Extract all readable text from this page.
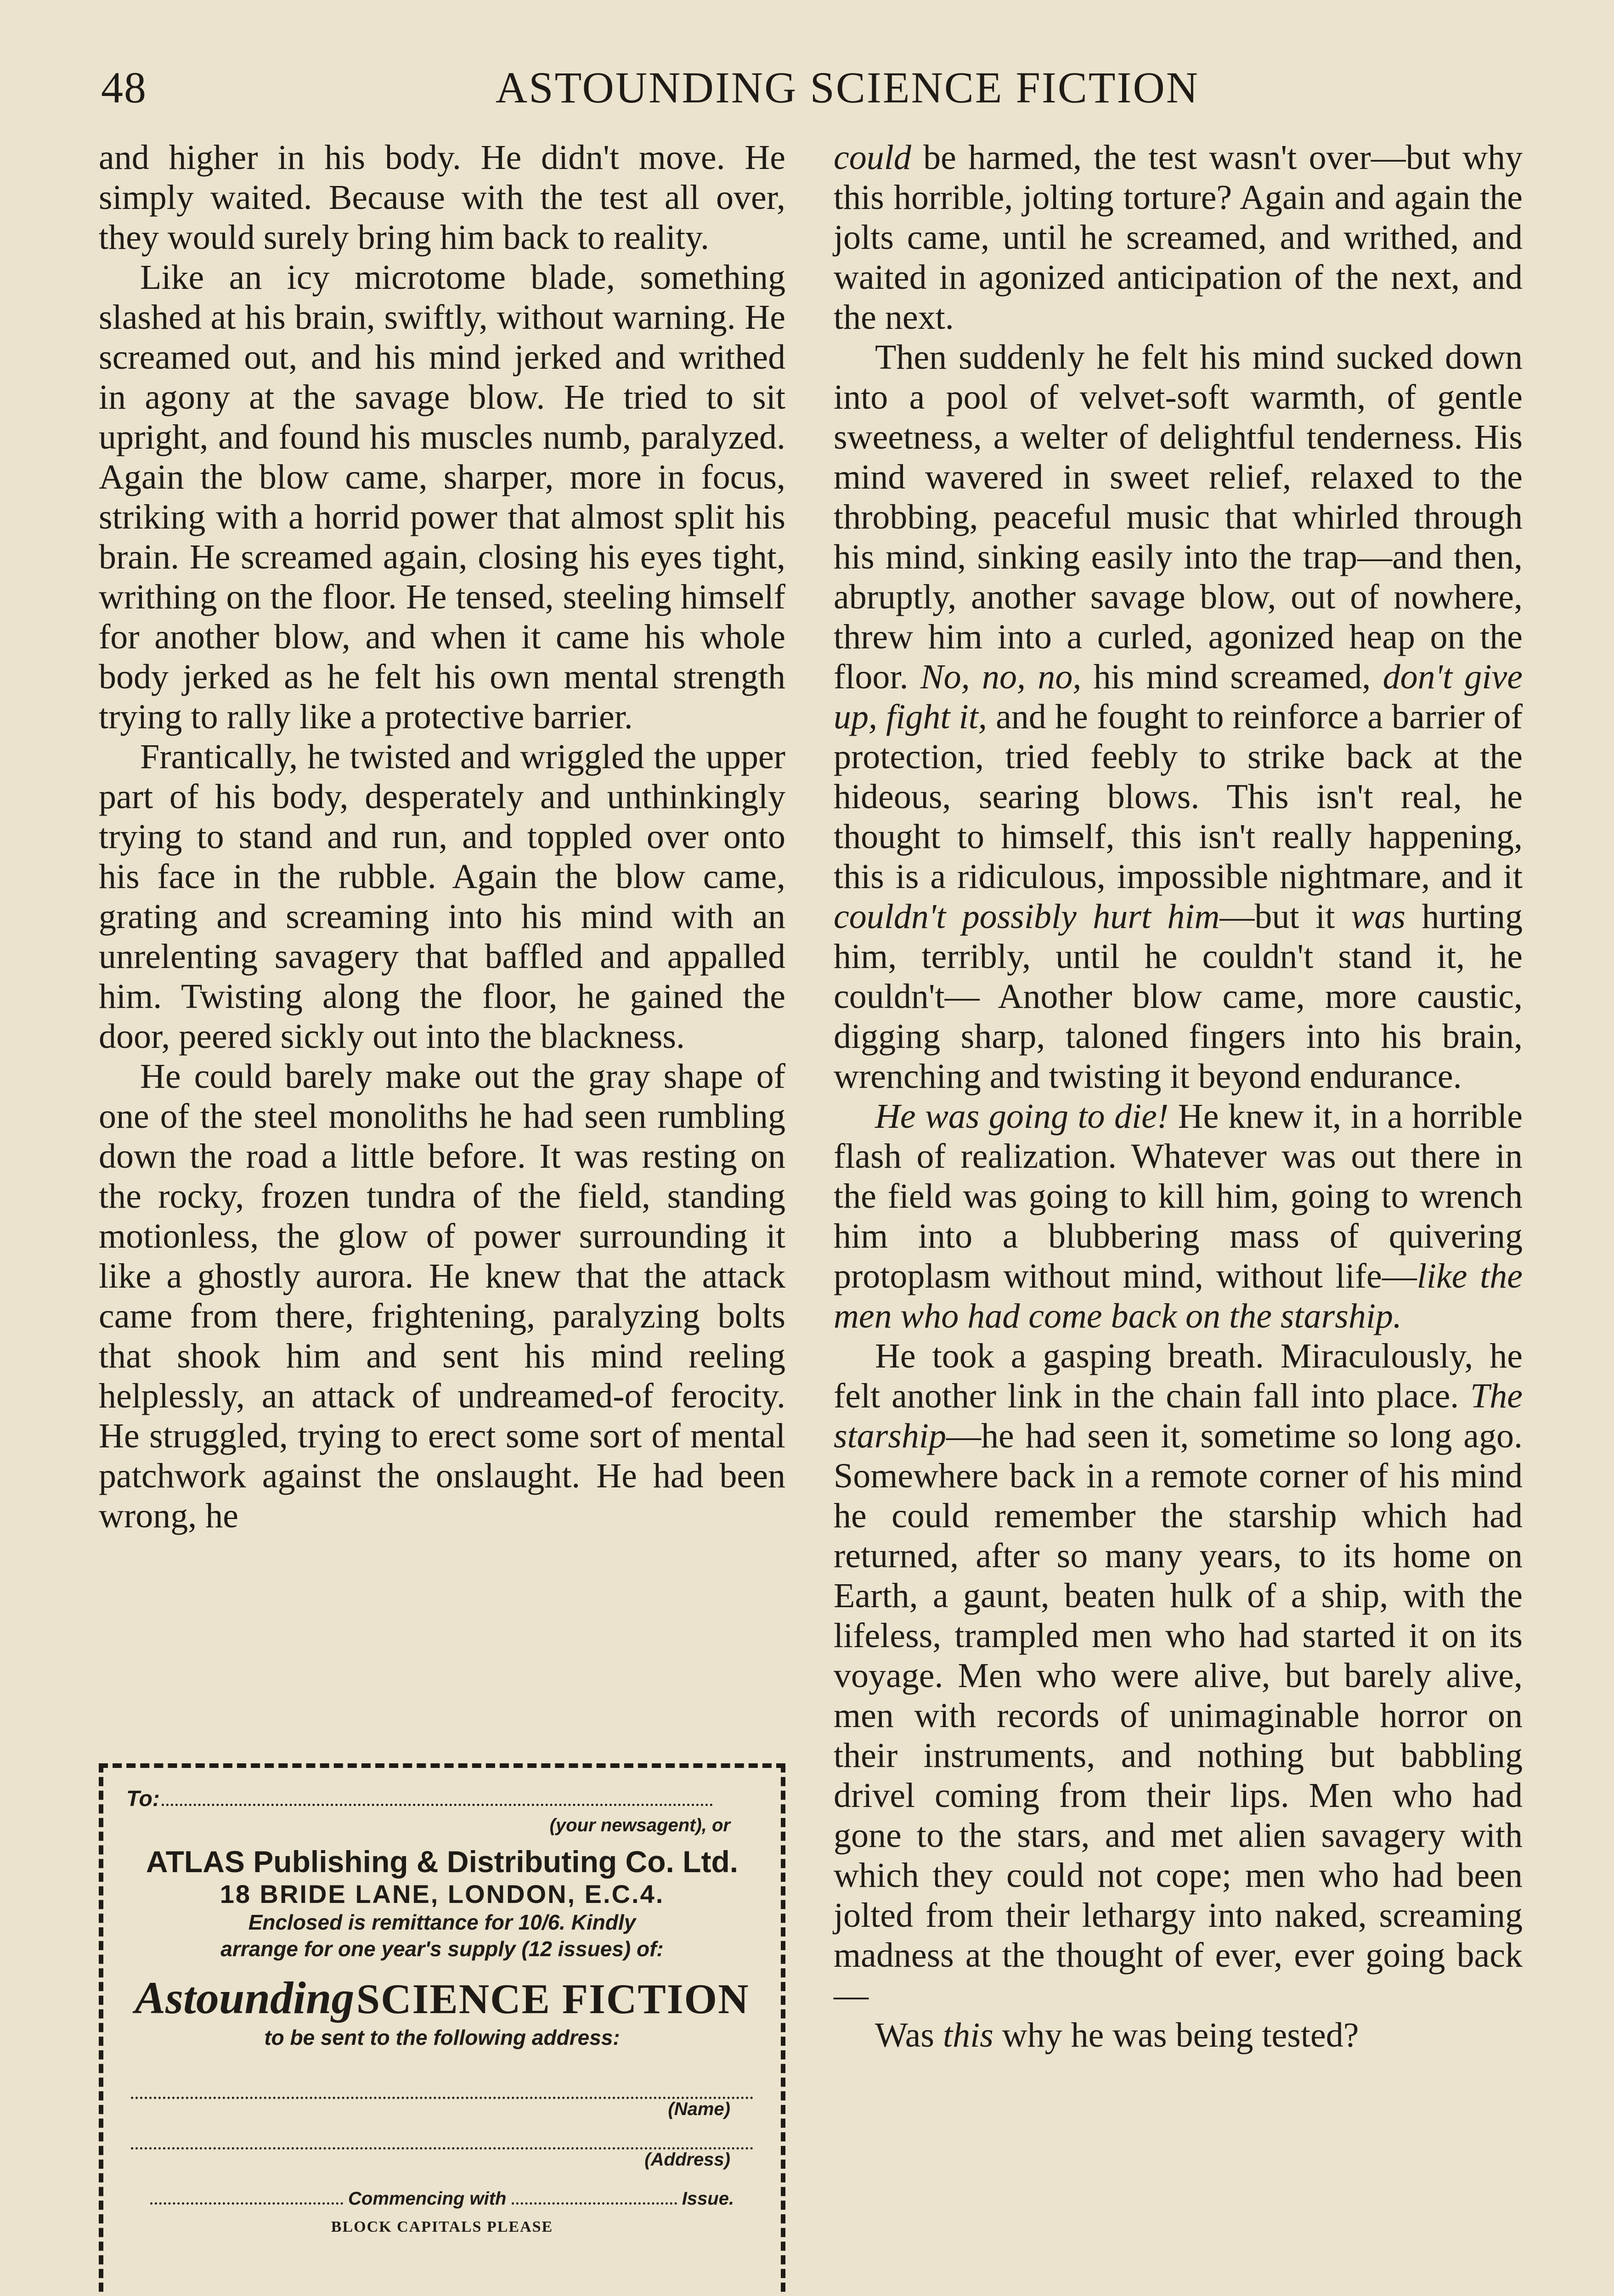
48	ASTOUNDING SCIENCE FICTION

and higher in his body. He didn't move. He simply waited. Because with the test all over, they would surely bring him back to reality.

Like an icy microtome blade, something slashed at his brain, swiftly, without warning. He screamed out, and his mind jerked and writhed in agony at the savage blow. He tried to sit upright, and found his muscles numb, paralyzed. Again the blow came, sharper, more in focus, striking with a horrid power that almost split his brain. He screamed again, closing his eyes tight, writhing on the floor. He tensed, steeling himself for another blow, and when it came his whole body jerked as he felt his own mental strength trying to rally like a protective barrier.

Frantically, he twisted and wriggled the upper part of his body, desperately and unthinkingly trying to stand and run, and toppled over onto his face in the rubble. Again the blow came, grating and screaming into his mind with an unrelenting savagery that baffled and appalled him. Twisting along the floor, he gained the door, peered sickly out into the blackness.

He could barely make out the gray shape of one of the steel monoliths he had seen rumbling down the road a little before. It was resting on the rocky, frozen tundra of the field, standing motionless, the glow of power surrounding it like a ghostly aurora. He knew that the attack came from there, frightening, paralyzing bolts that shook him and sent his mind reeling helplessly, an attack of undreamed-of ferocity. He struggled, trying to erect some sort of mental patchwork against the onslaught. He had been wrong, he

could be harmed, the test wasn't over—but why this horrible, jolting torture? Again and again the jolts came, until he screamed, and writhed, and waited in agonized anticipation of the next, and the next.

Then suddenly he felt his mind sucked down into a pool of velvet-soft warmth, of gentle sweetness, a welter of delightful tenderness. His mind wavered in sweet relief, relaxed to the throbbing, peaceful music that whirled through his mind, sinking easily into the trap—and then, abruptly, another savage blow, out of nowhere, threw him into a curled, agonized heap on the floor. No, no, no, his mind screamed, don't give up, fight it, and he fought to reinforce a barrier of protection, tried feebly to strike back at the hideous, searing blows. This isn't real, he thought to himself, this isn't really happening, this is a ridiculous, impossible nightmare, and it couldn't possibly hurt him—but it was hurting him, terribly, until he couldn't stand it, he couldn't— Another blow came, more caustic, digging sharp, taloned fingers into his brain, wrenching and twisting it beyond endurance.

He was going to die! He knew it, in a horrible flash of realization. Whatever was out there in the field was going to kill him, going to wrench him into a blubbering mass of quivering protoplasm without mind, without life—like the men who had come back on the starship.

He took a gasping breath. Miraculously, he felt another link in the chain fall into place. The starship—he had seen it, sometime so long ago. Somewhere back in a remote corner of his mind he could remember the starship which had returned, after so many years, to its home on Earth, a gaunt, beaten hulk of a ship, with the lifeless, trampled men who had started it on its voyage. Men who were alive, but barely alive, men with records of unimaginable horror on their instruments, and nothing but babbling drivel coming from their lips. Men who had gone to the stars, and met alien savagery with which they could not cope; men who had been jolted from their lethargy into naked, screaming madness at the thought of ever, ever going back—

Was this why he was being tested?

To:
(your newsagent), or
ATLAS Publishing & Distributing Co. Ltd.
18 BRIDE LANE, LONDON, E.C.4.
Enclosed is remittance for 10/6. Kindly
arrange for one year's supply (12 issues) of:
Astounding SCIENCE FICTION
to be sent to the following address:
(Name)
(Address)
Commencing with	Issue.
BLOCK CAPITALS PLEASE
